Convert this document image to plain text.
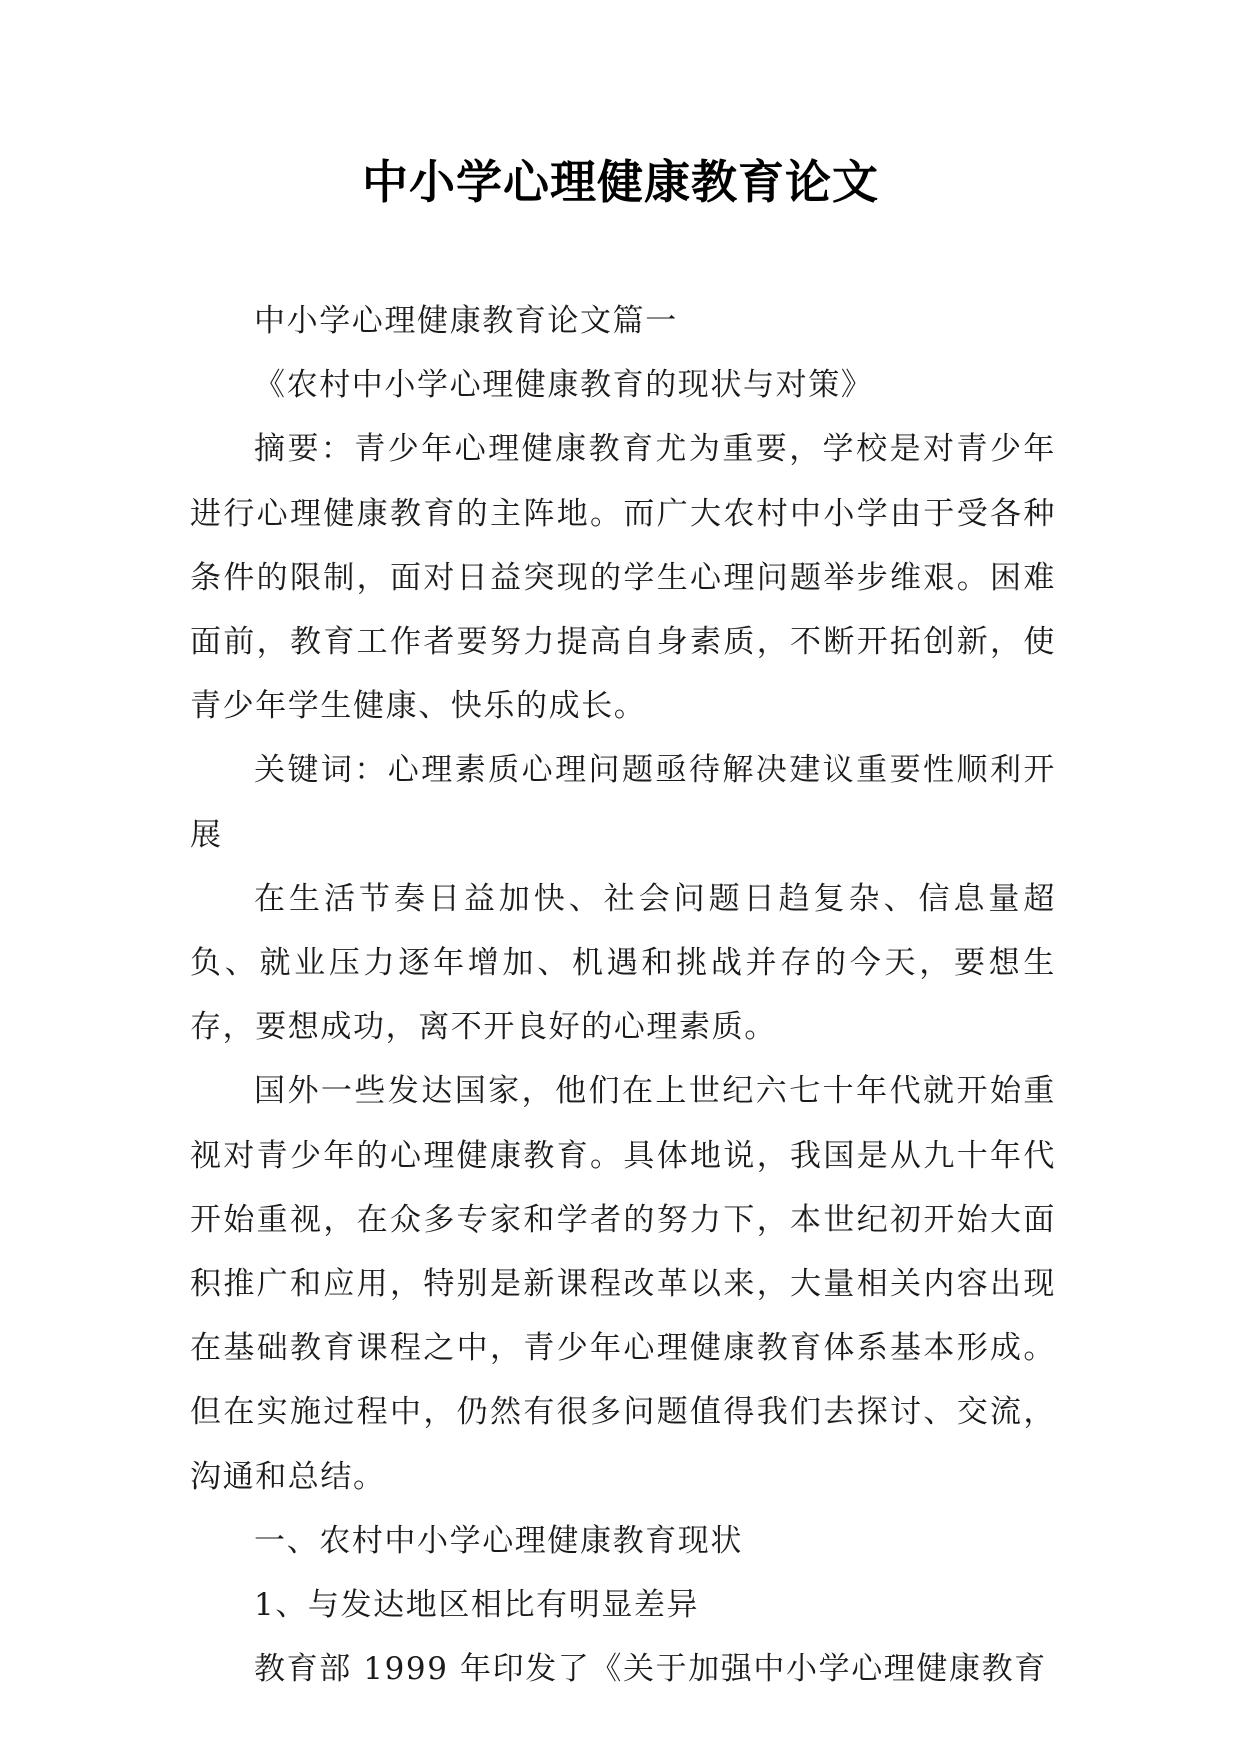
中小学心理健康教育论文

中小学心理健康教育论文篇一

《农村中小学心理健康教育的现状与对策》

摘要：青少年心理健康教育尤为重要，学校是对青少年进行心理健康教育的主阵地。而广大农村中小学由于受各种条件的限制，面对日益突现的学生心理问题举步维艰。困难面前，教育工作者要努力提高自身素质，不断开拓创新，使青少年学生健康、快乐的成长。

关键词：心理素质心理问题亟待解决建议重要性顺利开展

在生活节奏日益加快、社会问题日趋复杂、信息量超负、就业压力逐年增加、机遇和挑战并存的今天，要想生存，要想成功，离不开良好的心理素质。

国外一些发达国家，他们在上世纪六七十年代就开始重视对青少年的心理健康教育。具体地说，我国是从九十年代开始重视，在众多专家和学者的努力下，本世纪初开始大面积推广和应用，特别是新课程改革以来，大量相关内容出现在基础教育课程之中，青少年心理健康教育体系基本形成。但在实施过程中，仍然有很多问题值得我们去探讨、交流，沟通和总结。

一、农村中小学心理健康教育现状

1、与发达地区相比有明显差异

教育部 1999 年印发了《关于加强中小学心理健康教育
